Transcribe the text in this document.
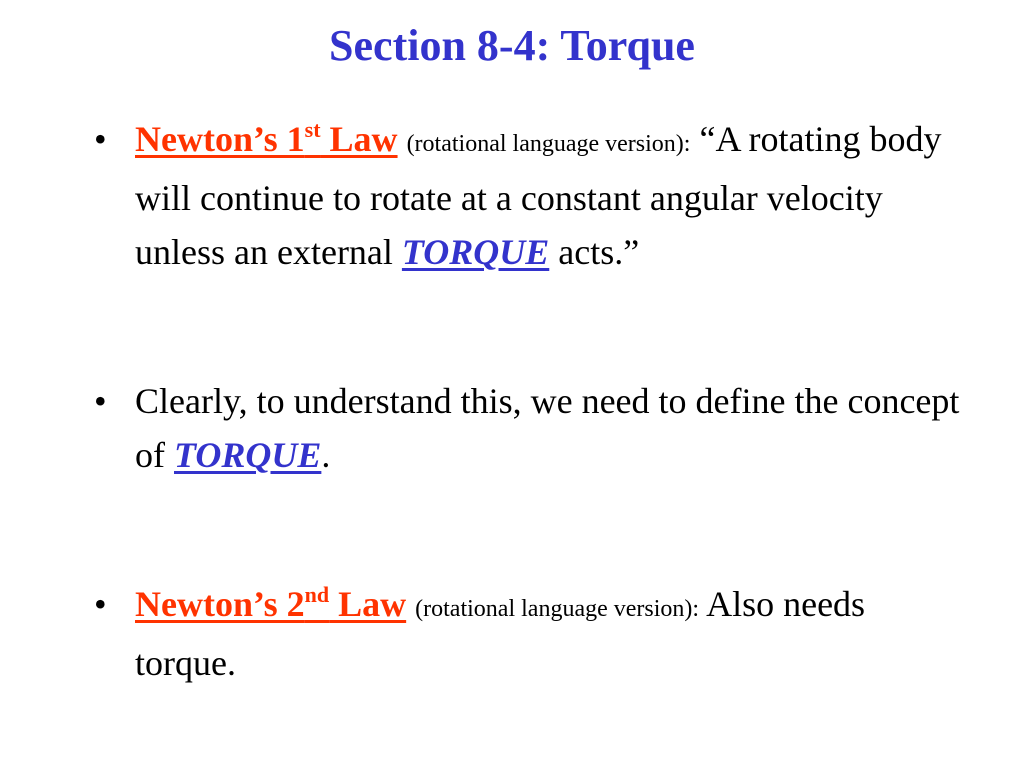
Section 8-4: Torque
• Newton’s 1st Law (rotational language version): “A rotating body will continue to rotate at a constant angular velocity unless an external TORQUE acts.”
• Clearly, to understand this, we need to define the concept of TORQUE.
• Newton’s 2nd Law (rotational language version): Also needs torque.
